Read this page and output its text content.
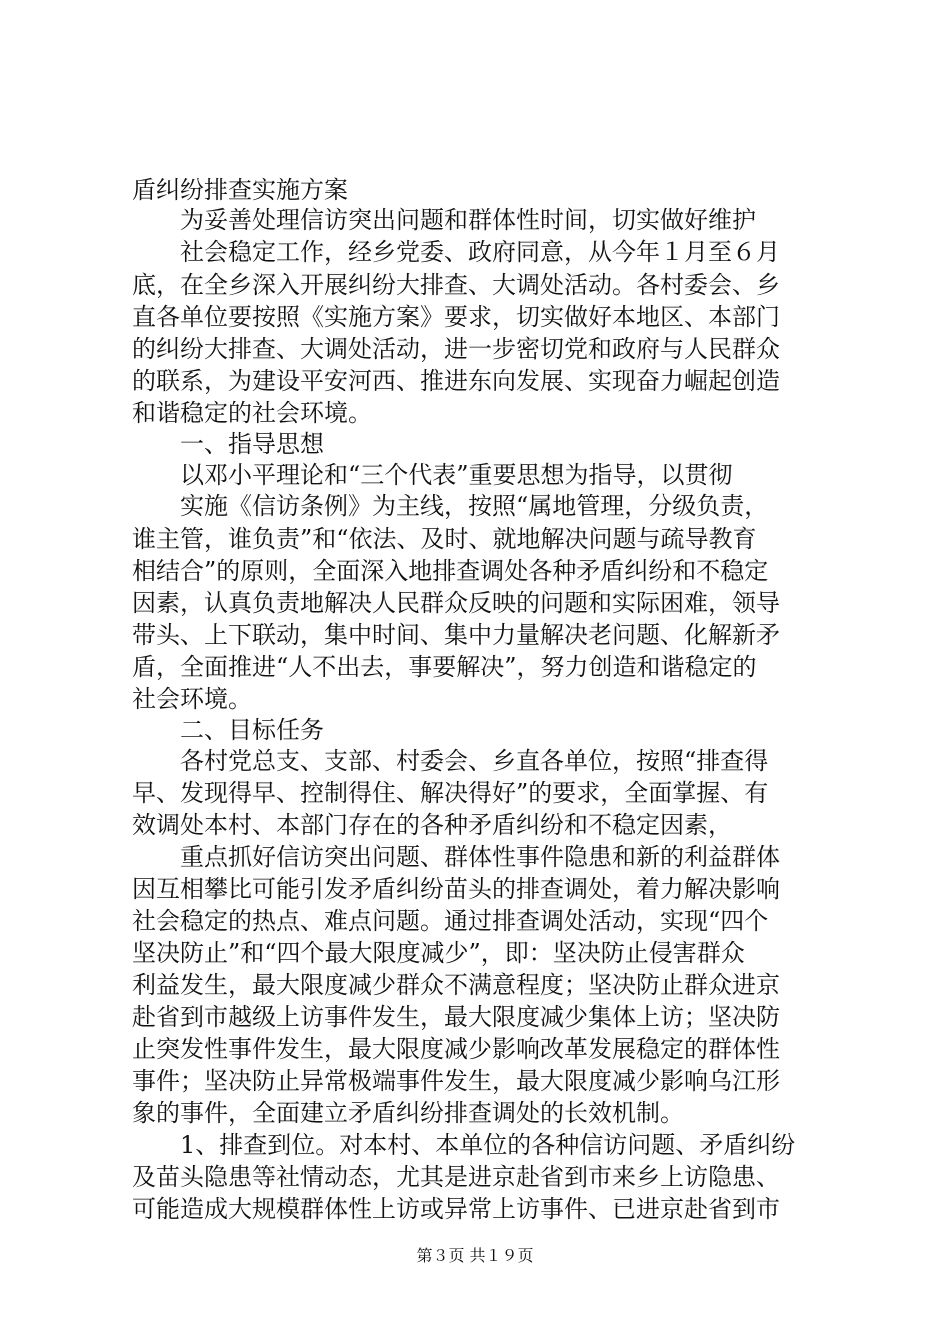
盾纠纷排查实施方案
　　为妥善处理信访突出问题和群体性时间，切实做好维护
　　社会稳定工作，经乡党委、政府同意，从今年１月至６月
底，在全乡深入开展纠纷大排查、大调处活动。各村委会、乡
直各单位要按照《实施方案》要求，切实做好本地区、本部门
的纠纷大排查、大调处活动，进一步密切党和政府与人民群众
的联系，为建设平安河西、推进东向发展、实现奋力崛起创造
和谐稳定的社会环境。
　　一、指导思想
　　以邓小平理论和“三个代表”重要思想为指导，以贯彻
　　实施《信访条例》为主线，按照“属地管理，分级负责，
谁主管，谁负责”和“依法、及时、就地解决问题与疏导教育
相结合”的原则，全面深入地排查调处各种矛盾纠纷和不稳定
因素，认真负责地解决人民群众反映的问题和实际困难，领导
带头、上下联动，集中时间、集中力量解决老问题、化解新矛
盾，全面推进“人不出去，事要解决”，努力创造和谐稳定的
社会环境。
　　二、目标任务
　　各村党总支、支部、村委会、乡直各单位，按照“排查得
早、发现得早、控制得住、解决得好”的要求，全面掌握、有
效调处本村、本部门存在的各种矛盾纠纷和不稳定因素，
　　重点抓好信访突出问题、群体性事件隐患和新的利益群体
因互相攀比可能引发矛盾纠纷苗头的排查调处，着力解决影响
社会稳定的热点、难点问题。通过排查调处活动，实现“四个
坚决防止”和“四个最大限度减少”，即：坚决防止侵害群众
利益发生，最大限度减少群众不满意程度；坚决防止群众进京
赴省到市越级上访事件发生，最大限度减少集体上访；坚决防
止突发性事件发生，最大限度减少影响改革发展稳定的群体性
事件；坚决防止异常极端事件发生，最大限度减少影响乌江形
象的事件，全面建立矛盾纠纷排查调处的长效机制。
　　1、排查到位。对本村、本单位的各种信访问题、矛盾纠纷
及苗头隐患等社情动态，尤其是进京赴省到市来乡上访隐患、
可能造成大规模群体性上访或异常上访事件、已进京赴省到市
第３页 共１９页
